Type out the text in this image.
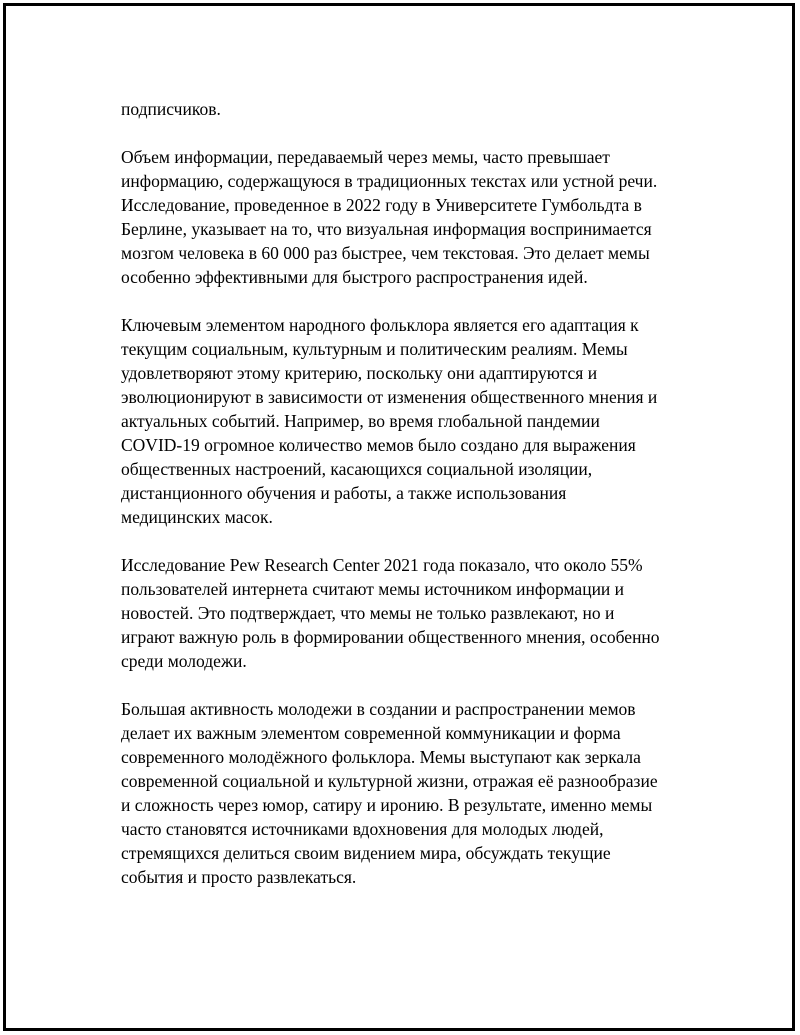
подписчиков.

Объем информации, передаваемый через мемы, часто превышает
информацию, содержащуюся в традиционных текстах или устной речи.
Исследование, проведенное в 2022 году в Университете Гумбольдта в
Берлине, указывает на то, что визуальная информация воспринимается
мозгом человека в 60 000 раз быстрее, чем текстовая. Это делает мемы
особенно эффективными для быстрого распространения идей.

Ключевым элементом народного фольклора является его адаптация к
текущим социальным, культурным и политическим реалиям. Мемы
удовлетворяют этому критерию, поскольку они адаптируются и
эволюционируют в зависимости от изменения общественного мнения и
актуальных событий. Например, во время глобальной пандемии
COVID-19 огромное количество мемов было создано для выражения
общественных настроений, касающихся социальной изоляции,
дистанционного обучения и работы, а также использования
медицинских масок.

Исследование Pew Research Center 2021 года показало, что около 55%
пользователей интернета считают мемы источником информации и
новостей. Это подтверждает, что мемы не только развлекают, но и
играют важную роль в формировании общественного мнения, особенно
среди молодежи.

Большая активность молодежи в создании и распространении мемов
делает их важным элементом современной коммуникации и форма
современного молодёжного фольклора. Мемы выступают как зеркала
современной социальной и культурной жизни, отражая её разнообразие
и сложность через юмор, сатиру и иронию. В результате, именно мемы
часто становятся источниками вдохновения для молодых людей,
стремящихся делиться своим видением мира, обсуждать текущие
события и просто развлекаться.
